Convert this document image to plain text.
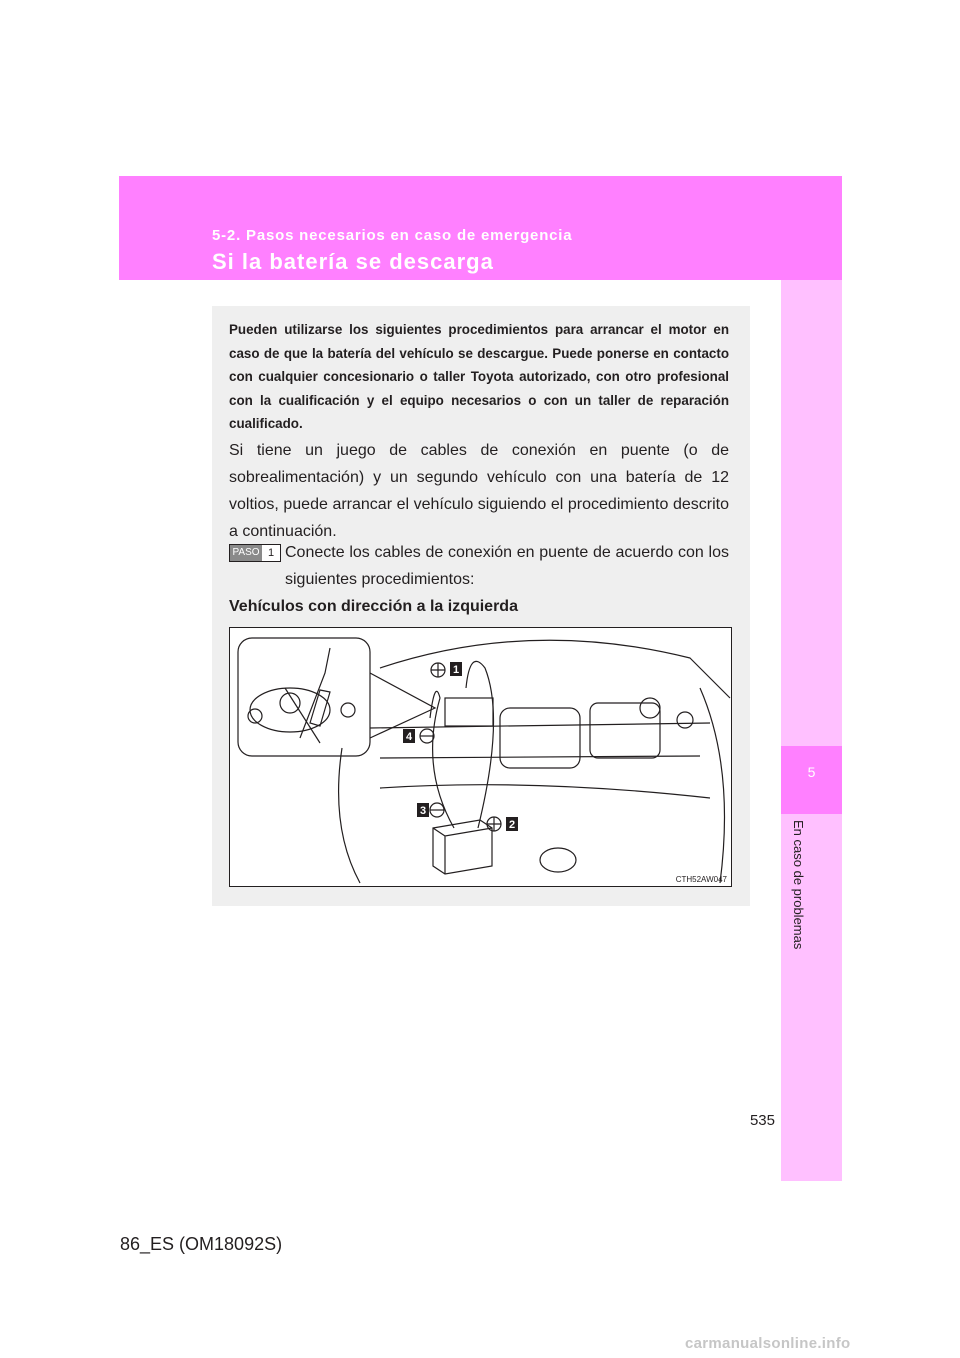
5-2. Pasos necesarios en caso de emergencia
Si la batería se descarga
5
En caso de problemas

Pueden utilizarse los siguientes procedimientos para arrancar el motor en caso de que la batería del vehículo se descargue. Puede ponerse en contacto con cualquier concesionario o taller Toyota autorizado, con otro profesional con la cualificación y el equipo necesarios o con un taller de reparación cualificado.

Si tiene un juego de cables de conexión en puente (o de sobrealimentación) y un segundo vehículo con una batería de 12 voltios, puede arrancar el vehículo siguiendo el procedimiento descrito a continuación.

PASO 1 Conecte los cables de conexión en puente de acuerdo con los siguientes procedimientos:

Vehículos con dirección a la izquierda
1
2
3
4
CTH52AW047
535
86_ES (OM18092S)
carmanualsonline.info
